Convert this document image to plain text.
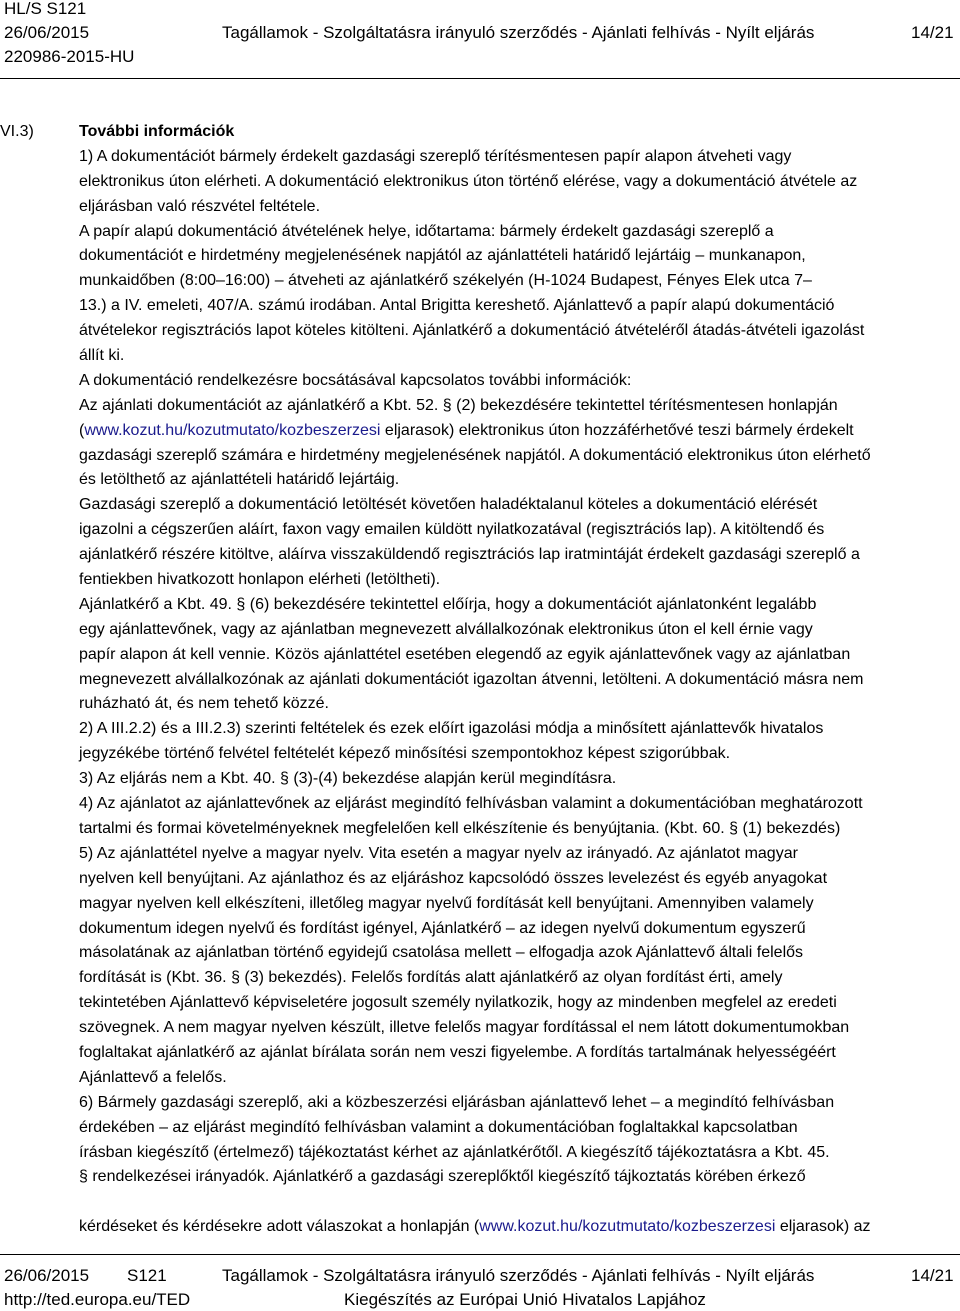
HL/S S121
26/06/2015
220986-2015-HU
Tagállamok - Szolgáltatásra irányuló szerződés - Ajánlati felhívás - Nyílt eljárás	14/21
VI.3)	További információk
1) A dokumentációt bármely érdekelt gazdasági szereplő térítésmentesen papír alapon átveheti vagy
elektronikus úton elérheti. A dokumentáció elektronikus úton történő elérése, vagy a dokumentáció átvétele az
eljárásban való részvétel feltétele.
A papír alapú dokumentáció átvételének helye, időtartama: bármely érdekelt gazdasági szereplő a
dokumentációt e hirdetmény megjelenésének napjától az ajánlattételi határidő lejártáig – munkanapon,
munkaidőben (8:00–16:00) – átveheti az ajánlatkérő székelyén (H-1024 Budapest, Fényes Elek utca 7–
13.) a IV. emeleti, 407/A. számú irodában. Antal Brigitta kereshető. Ajánlattevő a papír alapú dokumentáció
átvételekor regisztrációs lapot köteles kitölteni. Ajánlatkérő a dokumentáció átvételéről átadás-átvételi igazolást
állít ki.
A dokumentáció rendelkezésre bocsátásával kapcsolatos további információk:
Az ajánlati dokumentációt az ajánlatkérő a Kbt. 52. § (2) bekezdésére tekintettel térítésmentesen honlapján
(www.kozut.hu/kozutmutato/kozbeszerzesi eljarasok) elektronikus úton hozzáférhetővé teszi bármely érdekelt
gazdasági szereplő számára e hirdetmény megjelenésének napjától. A dokumentáció elektronikus úton elérhető
és letölthető az ajánlattételi határidő lejártáig.
Gazdasági szereplő a dokumentáció letöltését követően haladéktalanul köteles a dokumentáció elérését
igazolni a cégszerűen aláírt, faxon vagy emailen küldött nyilatkozatával (regisztrációs lap). A kitöltendő és
ajánlatkérő részére kitöltve, aláírva visszaküldendő regisztrációs lap iratmintáját érdekelt gazdasági szereplő a
fentiekben hivatkozott honlapon elérheti (letöltheti).
Ajánlatkérő a Kbt. 49. § (6) bekezdésére tekintettel előírja, hogy a dokumentációt ajánlatonként legalább
egy ajánlattevőnek, vagy az ajánlatban megnevezett alvállalkozónak elektronikus úton el kell érnie vagy
papír alapon át kell vennie. Közös ajánlattétel esetében elegendő az egyik ajánlattevőnek vagy az ajánlatban
megnevezett alvállalkozónak az ajánlati dokumentációt igazoltan átvenni, letölteni. A dokumentáció másra nem
ruházható át, és nem tehető közzé.
2) A III.2.2) és a III.2.3) szerinti feltételek és ezek előírt igazolási módja a minősített ajánlattevők hivatalos
jegyzékébe történő felvétel feltételét képező minősítési szempontokhoz képest szigorúbbak.
3) Az eljárás nem a Kbt. 40. § (3)-(4) bekezdése alapján kerül megindításra.
4) Az ajánlatot az ajánlattevőnek az eljárást megindító felhívásban valamint a dokumentációban meghatározott
tartalmi és formai követelményeknek megfelelően kell elkészítenie és benyújtania. (Kbt. 60. § (1) bekezdés)
5) Az ajánlattétel nyelve a magyar nyelv. Vita esetén a magyar nyelv az irányadó. Az ajánlatot magyar
nyelven kell benyújtani. Az ajánlathoz és az eljáráshoz kapcsolódó összes levelezést és egyéb anyagokat
magyar nyelven kell elkészíteni, illetőleg magyar nyelvű fordítását kell benyújtani. Amennyiben valamely
dokumentum idegen nyelvű és fordítást igényel, Ajánlatkérő – az idegen nyelvű dokumentum egyszerű
másolatának az ajánlatban történő egyidejű csatolása mellett – elfogadja azok Ajánlattevő általi felelős
fordítását is (Kbt. 36. § (3) bekezdés). Felelős fordítás alatt ajánlatkérő az olyan fordítást érti, amely
tekintetében Ajánlattevő képviseletére jogosult személy nyilatkozik, hogy az mindenben megfelel az eredeti
szövegnek. A nem magyar nyelven készült, illetve felelős magyar fordítással el nem látott dokumentumokban
foglaltakat ajánlatkérő az ajánlat bírálata során nem veszi figyelembe. A fordítás tartalmának helyességéért
Ajánlattevő a felelős.
6) Bármely gazdasági szereplő, aki a közbeszerzési eljárásban ajánlattevő lehet – a megindító felhívásban
érdekében – az eljárást megindító felhívásban valamint a dokumentációban foglaltakkal kapcsolatban
írásban kiegészítő (értelmező) tájékoztatást kérhet az ajánlatkérőtől. A kiegészítő tájékoztatásra a Kbt. 45.
§ rendelkezései irányadók. Ajánlatkérő a gazdasági szereplőktől kiegészítő tájkoztatás körében érkező
kérdéseket és kérdésekre adott válaszokat a honlapján (www.kozut.hu/kozutmutato/kozbeszerzesi eljarasok) az
26/06/2015 S121	Tagállamok - Szolgáltatásra irányuló szerződés - Ajánlati felhívás - Nyílt eljárás	14/21
http://ted.europa.eu/TED	Kiegészítés az Európai Unió Hivatalos Lapjához
